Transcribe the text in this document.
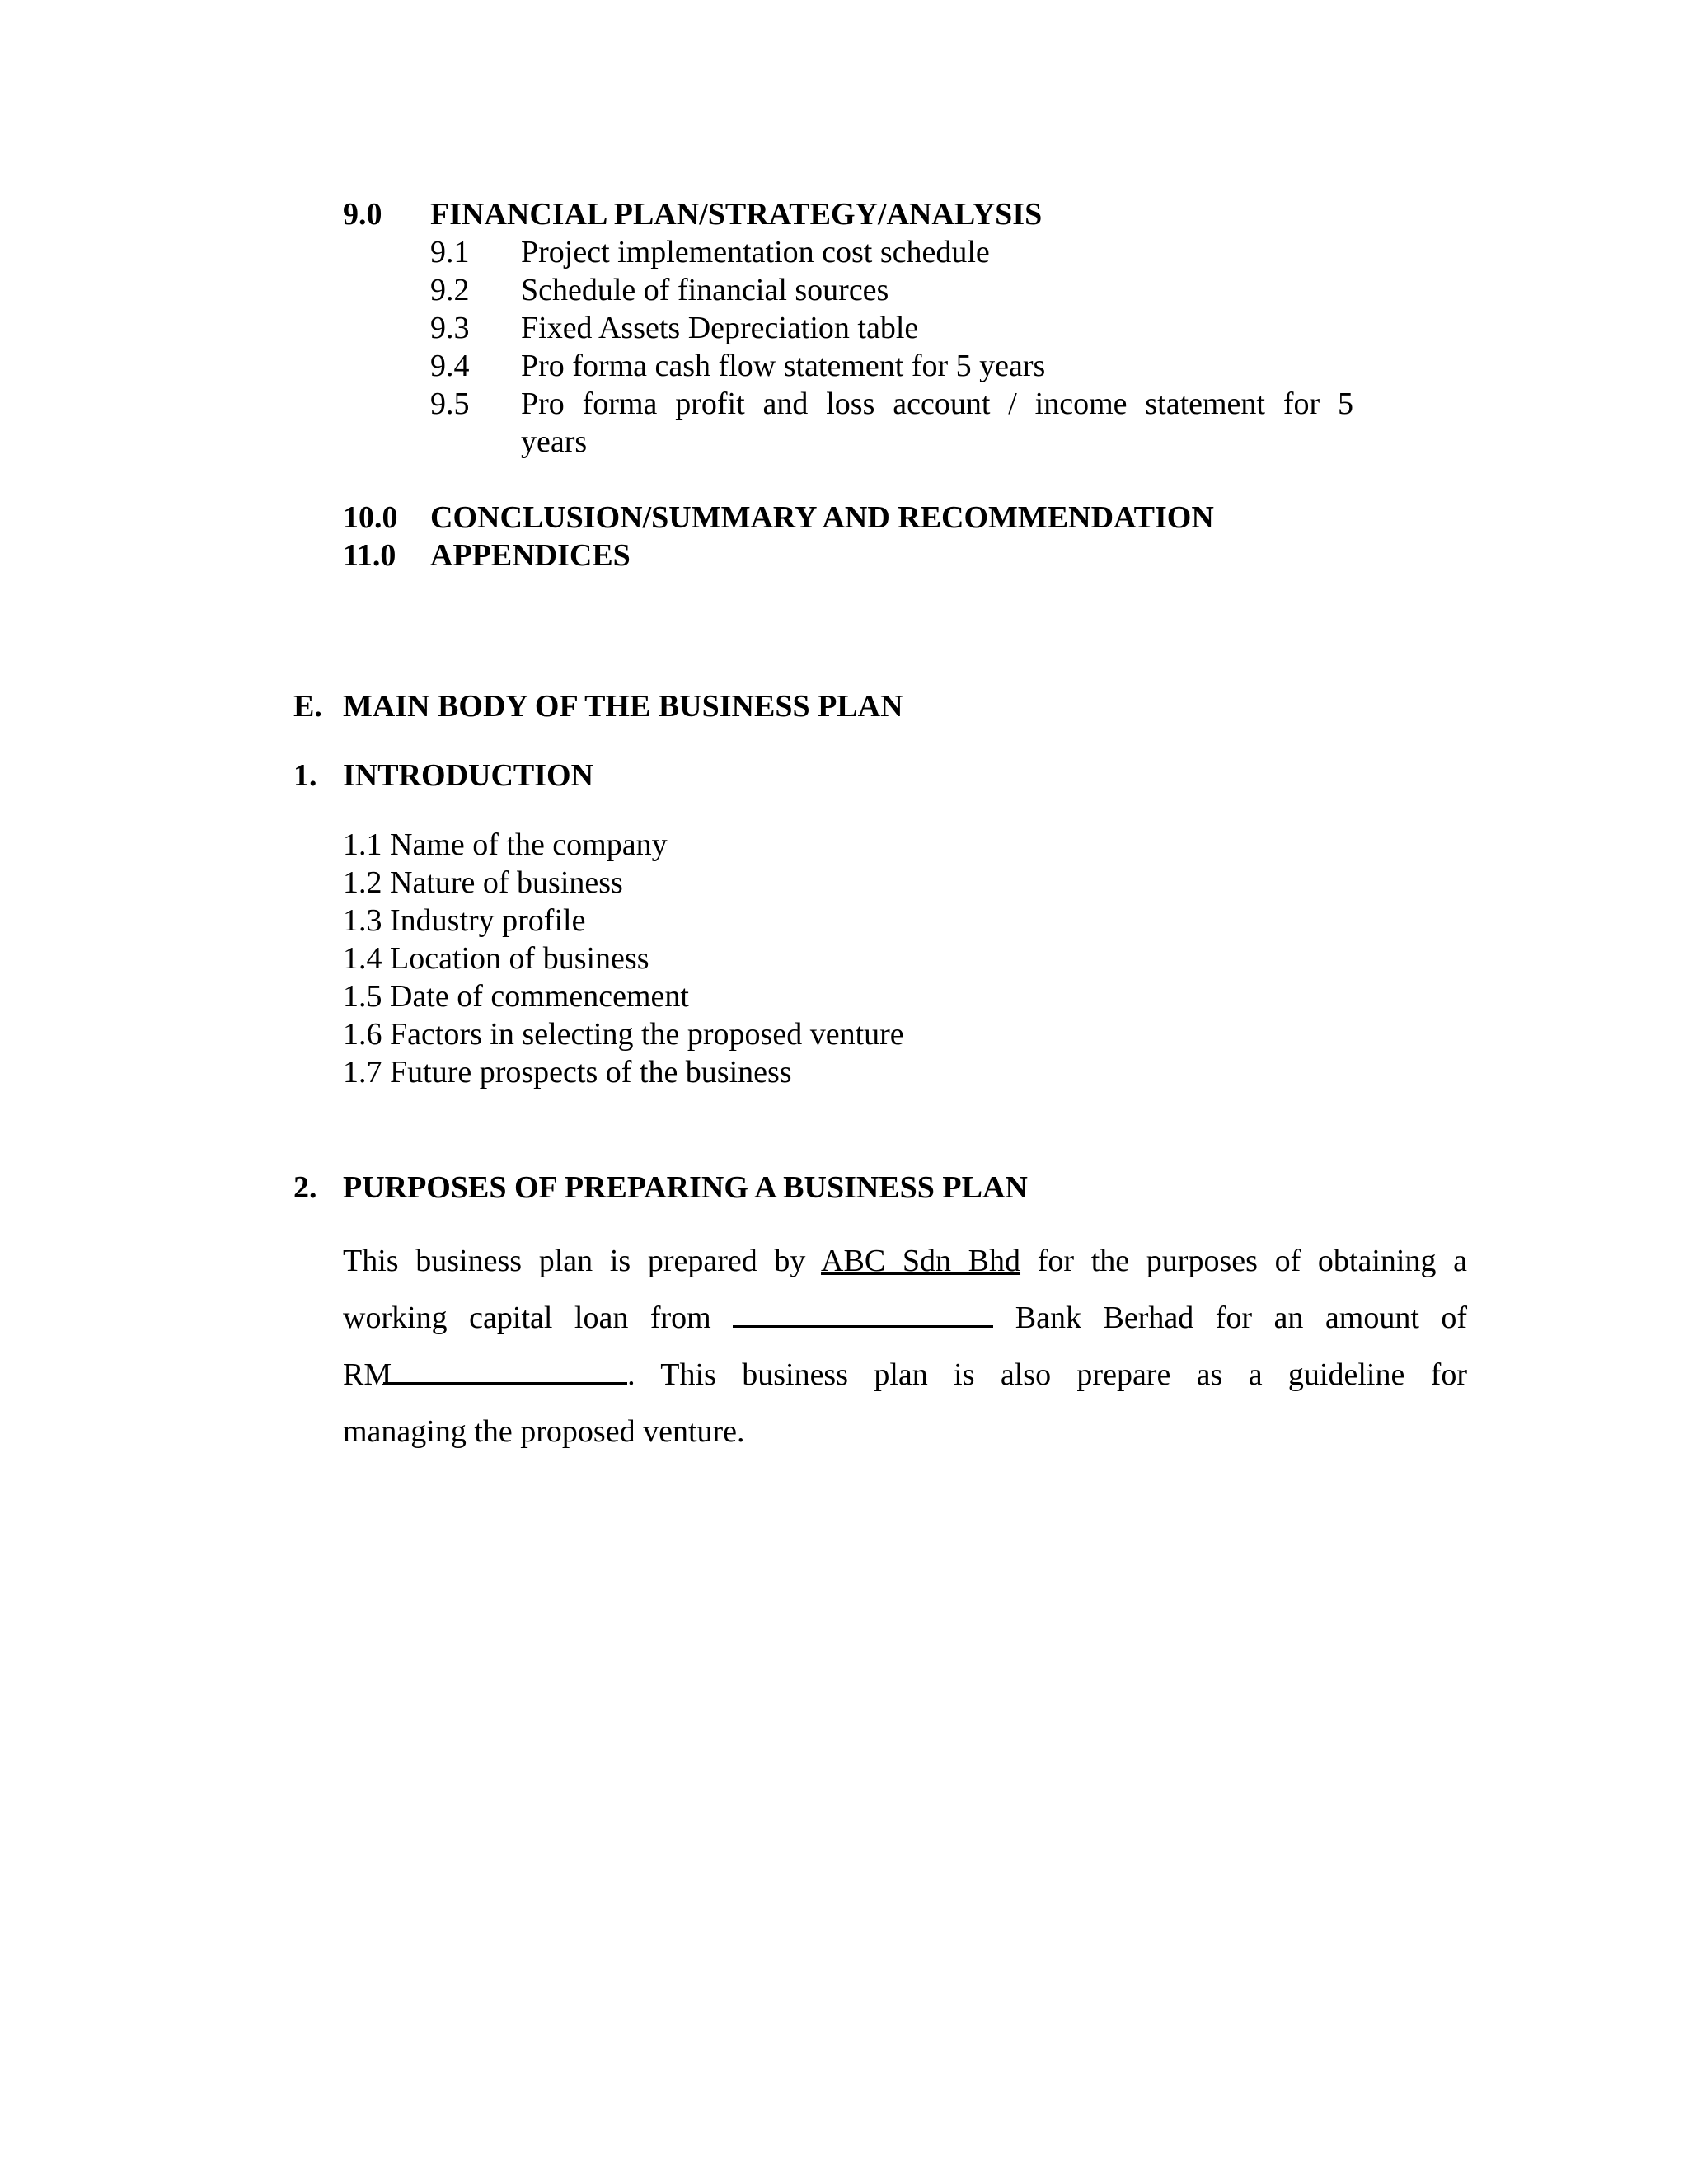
9.0 FINANCIAL PLAN/STRATEGY/ANALYSIS
9.1 Project implementation cost schedule
9.2 Schedule of financial sources
9.3 Fixed Assets Depreciation table
9.4 Pro forma cash flow statement for 5 years
9.5 Pro forma profit and loss account / income statement for 5
years
10.0 CONCLUSION/SUMMARY AND RECOMMENDATION
11.0 APPENDICES
E. MAIN BODY OF THE BUSINESS PLAN
1. INTRODUCTION
1.1 Name of the company
1.2 Nature of business
1.3 Industry profile
1.4 Location of business
1.5 Date of commencement
1.6 Factors in selecting the proposed venture
1.7 Future prospects of the business
2. PURPOSES OF PREPARING A BUSINESS PLAN
This business plan is prepared by ABC Sdn Bhd for the purposes of obtaining a
working capital loan from	Bank Berhad for an amount of
RM	. This business plan is also prepare as a guideline for
managing the proposed venture.
